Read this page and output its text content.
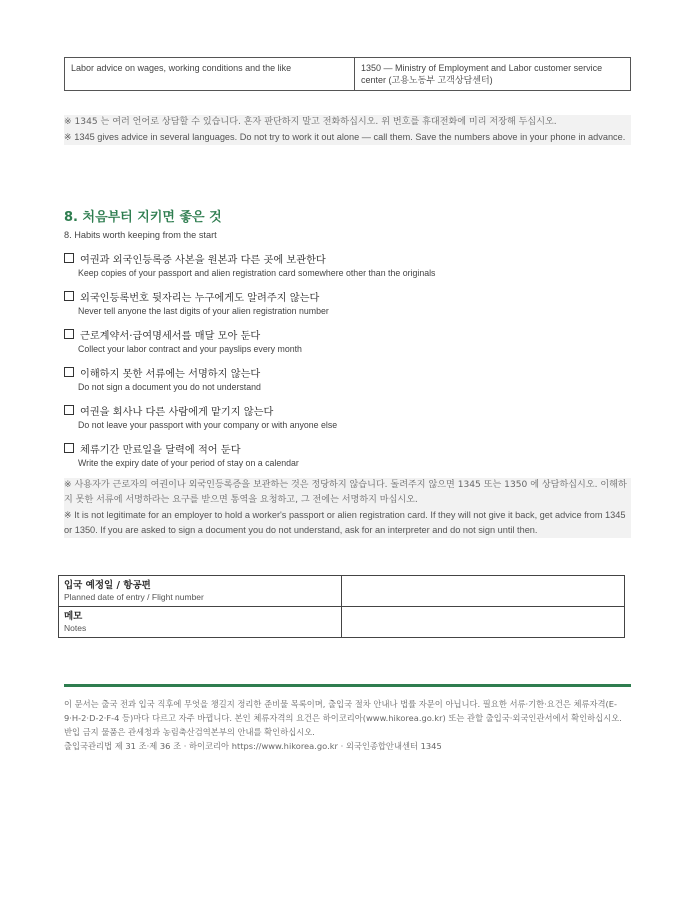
Labor advice on wages, working conditions and the like	1350 — Ministry of Employment and Labor customer service center (고용노동부 고객상담센터)
※ 1345 는 여러 언어로 상담할 수 있습니다. 혼자 판단하지 말고 전화하십시오. 위 번호를 휴대전화에 미리 저장해 두십시오.
※ 1345 gives advice in several languages. Do not try to work it out alone — call them. Save the numbers above in your phone in advance.
8. 처음부터 지키면 좋은 것
8. Habits worth keeping from the start
여권과 외국인등록증 사본을 원본과 다른 곳에 보관한다
Keep copies of your passport and alien registration card somewhere other than the originals
외국인등록번호 뒷자리는 누구에게도 알려주지 않는다
Never tell anyone the last digits of your alien registration number
근로계약서·급여명세서를 매달 모아 둔다
Collect your labor contract and your payslips every month
이해하지 못한 서류에는 서명하지 않는다
Do not sign a document you do not understand
여권을 회사나 다른 사람에게 맡기지 않는다
Do not leave your passport with your company or with anyone else
체류기간 만료일을 달력에 적어 둔다
Write the expiry date of your period of stay on a calendar
※ 사용자가 근로자의 여권이나 외국인등록증을 보관하는 것은 정당하지 않습니다. 돌려주지 않으면 1345 또는 1350 에 상담하십시오. 이해하지 못한 서류에 서명하라는 요구를 받으면 통역을 요청하고, 그 전에는 서명하지 마십시오.
※ It is not legitimate for an employer to hold a worker's passport or alien registration card. If they will not give it back, get advice from 1345 or 1350. If you are asked to sign a document you do not understand, ask for an interpreter and do not sign until then.
입국 예정일 / 항공편
Planned date of entry / Flight number	

메모
Notes	

이 문서는 출국 전과 입국 직후에 무엇을 챙길지 정리한 준비물 목록이며, 출입국 절차 안내나 법률 자문이 아닙니다. 필요한 서류·기한·요건은 체류자격(E-9·H-2·D-2·F-4 등)마다 다르고 자주 바뀝니다. 본인 체류자격의 요건은 하이코리아(www.hikorea.go.kr) 또는 관할 출입국·외국인관서에서 확인하십시오. 반입 금지 물품은 관세청과 농림축산검역본부의 안내를 확인하십시오.
출입국관리법 제 31 조·제 36 조 · 하이코리아 https://www.hikorea.go.kr · 외국인종합안내센터 1345
